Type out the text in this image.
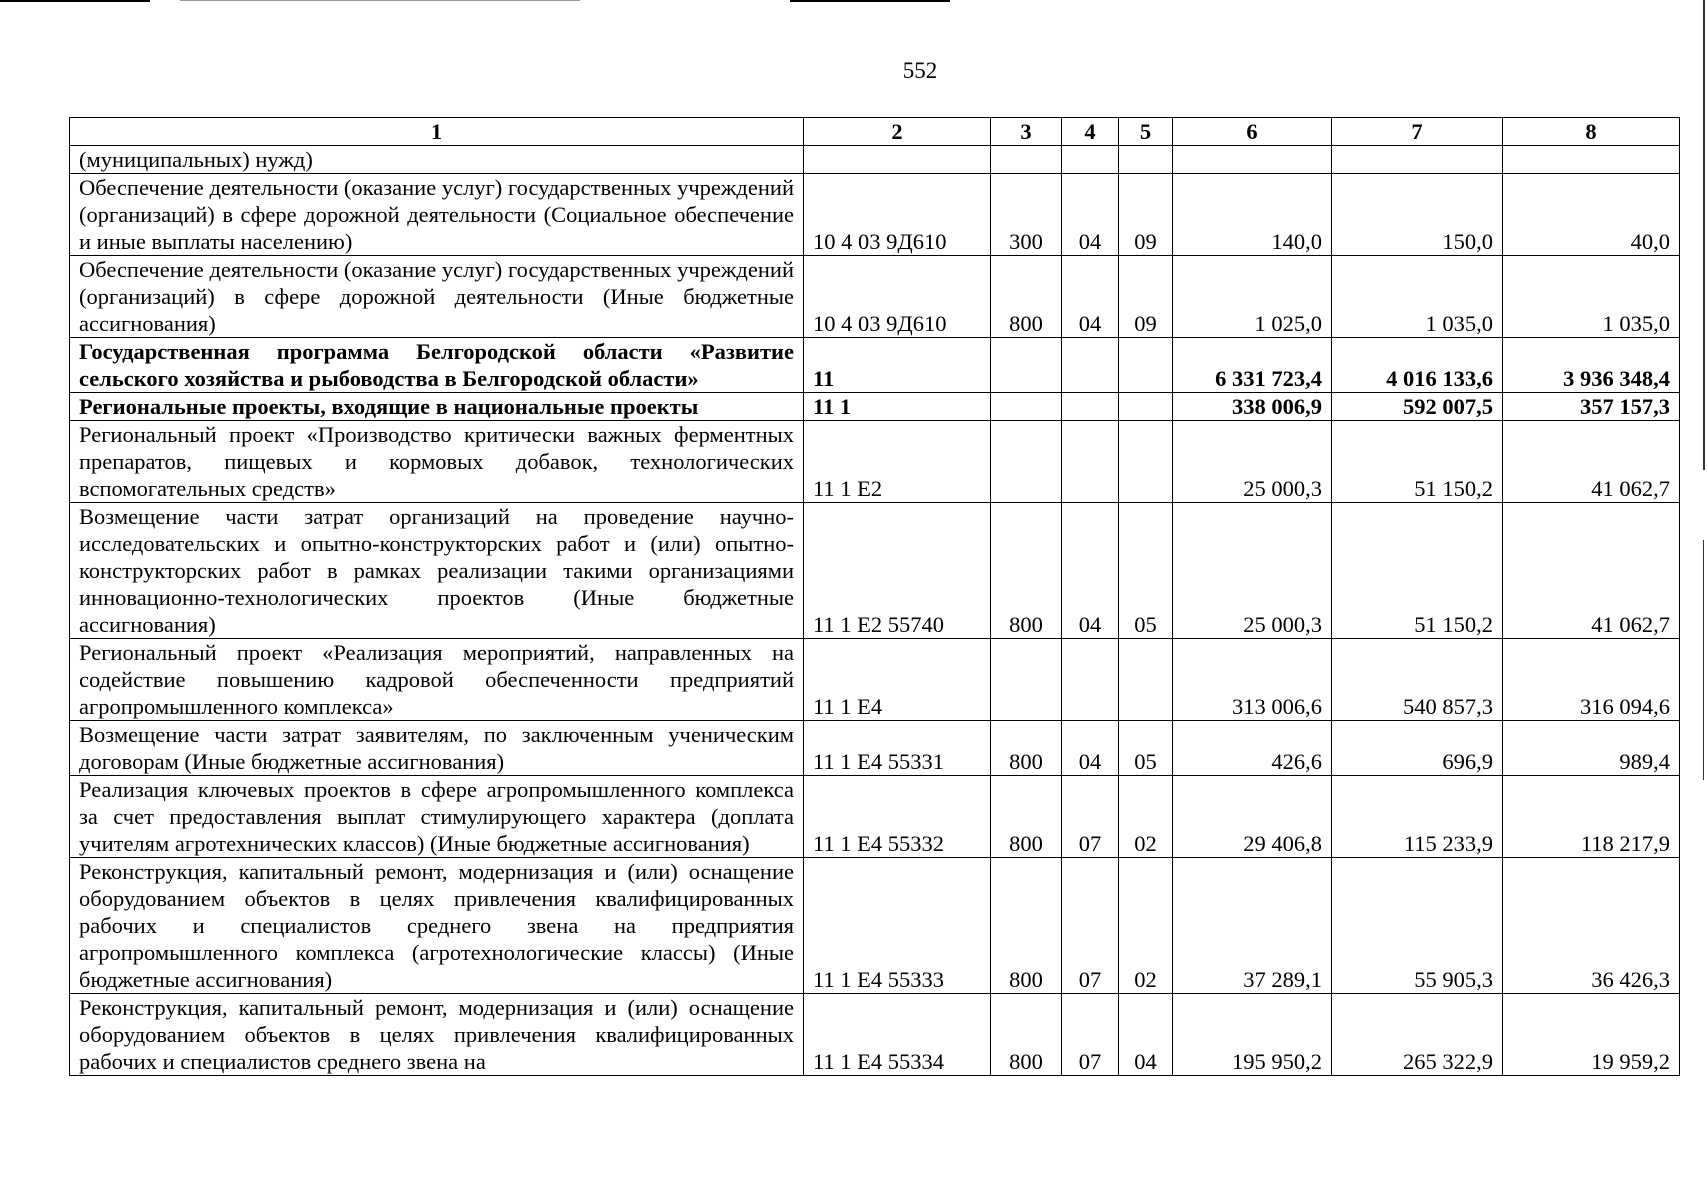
552
1	2	3	4	5	6	7	8
(муниципальных) нужд)							
Обеспечение деятельности (оказание услуг) государственных учреждений (организаций) в сфере дорожной деятельности (Социальное обеспечение и иные выплаты населению)	10 4 03 9Д610	300	04	09	140,0	150,0	40,0
Обеспечение деятельности (оказание услуг) государственных учреждений (организаций) в сфере дорожной деятельности (Иные бюджетные ассигнования)	10 4 03 9Д610	800	04	09	1 025,0	1 035,0	1 035,0
Государственная программа Белгородской области «Развитие сельского хозяйства и рыбоводства в Белгородской области»	11				6 331 723,4	4 016 133,6	3 936 348,4
Региональные проекты, входящие в национальные проекты	11 1				338 006,9	592 007,5	357 157,3
Региональный проект «Производство критически важных ферментных препаратов, пищевых и кормовых добавок, технологических вспомогательных средств»	11 1 Е2				25 000,3	51 150,2	41 062,7
Возмещение части затрат организаций на проведение научно-исследовательских и опытно-конструкторских работ и (или) опытно-конструкторских работ в рамках реализации такими организациями инновационно-технологических проектов (Иные бюджетные ассигнования)	11 1 Е2 55740	800	04	05	25 000,3	51 150,2	41 062,7
Региональный проект «Реализация мероприятий, направленных на содействие повышению кадровой обеспеченности предприятий агропромышленного комплекса»	11 1 Е4				313 006,6	540 857,3	316 094,6
Возмещение части затрат заявителям, по заключенным ученическим договорам (Иные бюджетные ассигнования)	11 1 Е4 55331	800	04	05	426,6	696,9	989,4
Реализация ключевых проектов в сфере агропромышленного комплекса за счет предоставления выплат стимулирующего характера (доплата учителям агротехнических классов) (Иные бюджетные ассигнования)	11 1 Е4 55332	800	07	02	29 406,8	115 233,9	118 217,9
Реконструкция, капитальный ремонт, модернизация и (или) оснащение оборудованием объектов в целях привлечения квалифицированных рабочих и специалистов среднего звена на предприятия агропромышленного комплекса (агротехнологические классы) (Иные бюджетные ассигнования)	11 1 Е4 55333	800	07	02	37 289,1	55 905,3	36 426,3
Реконструкция, капитальный ремонт, модернизация и (или) оснащение оборудованием объектов в целях привлечения квалифицированных рабочих и специалистов среднего звена на	11 1 Е4 55334	800	07	04	195 950,2	265 322,9	19 959,2
